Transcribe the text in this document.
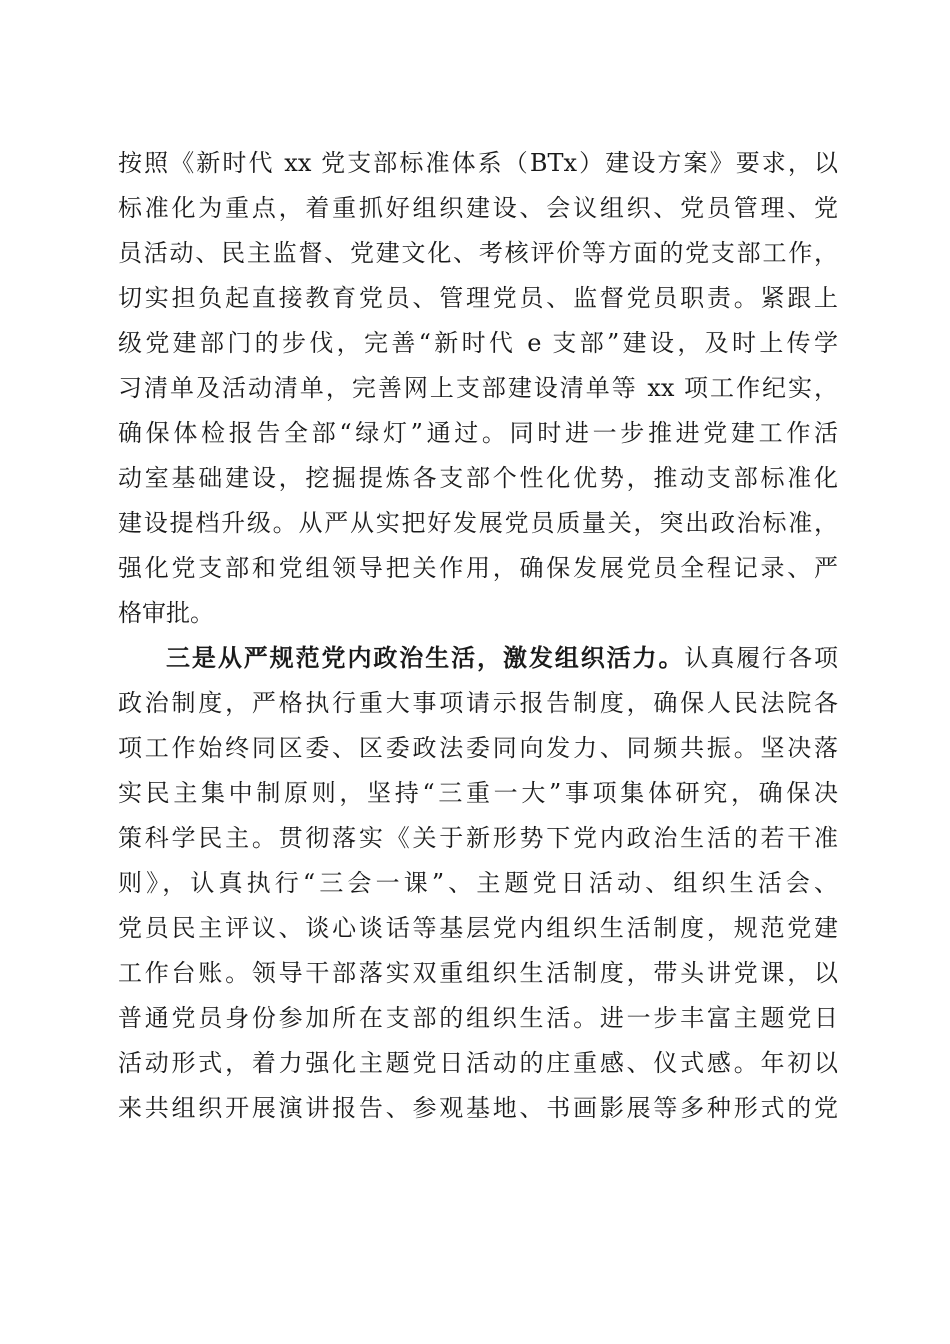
按照《新时代 xx 党支部标准体系（BTx）建设方案》要求，以
标准化为重点，着重抓好组织建设、会议组织、党员管理、党
员活动、民主监督、党建文化、考核评价等方面的党支部工作，
切实担负起直接教育党员、管理党员、监督党员职责。紧跟上
级党建部门的步伐，完善“新时代 e 支部”建设，及时上传学
习清单及活动清单，完善网上支部建设清单等 xx 项工作纪实，
确保体检报告全部“绿灯”通过。同时进一步推进党建工作活
动室基础建设，挖掘提炼各支部个性化优势，推动支部标准化
建设提档升级。从严从实把好发展党员质量关，突出政治标准，
强化党支部和党组领导把关作用，确保发展党员全程记录、严
格审批。
三是从严规范党内政治生活，激发组织活力。认真履行各项
政治制度，严格执行重大事项请示报告制度，确保人民法院各
项工作始终同区委、区委政法委同向发力、同频共振。坚决落
实民主集中制原则，坚持“三重一大”事项集体研究，确保决
策科学民主。贯彻落实《关于新形势下党内政治生活的若干准
则》，认真执行“三会一课”、主题党日活动、组织生活会、
党员民主评议、谈心谈话等基层党内组织生活制度，规范党建
工作台账。领导干部落实双重组织生活制度，带头讲党课，以
普通党员身份参加所在支部的组织生活。进一步丰富主题党日
活动形式，着力强化主题党日活动的庄重感、仪式感。年初以
来共组织开展演讲报告、参观基地、书画影展等多种形式的党
